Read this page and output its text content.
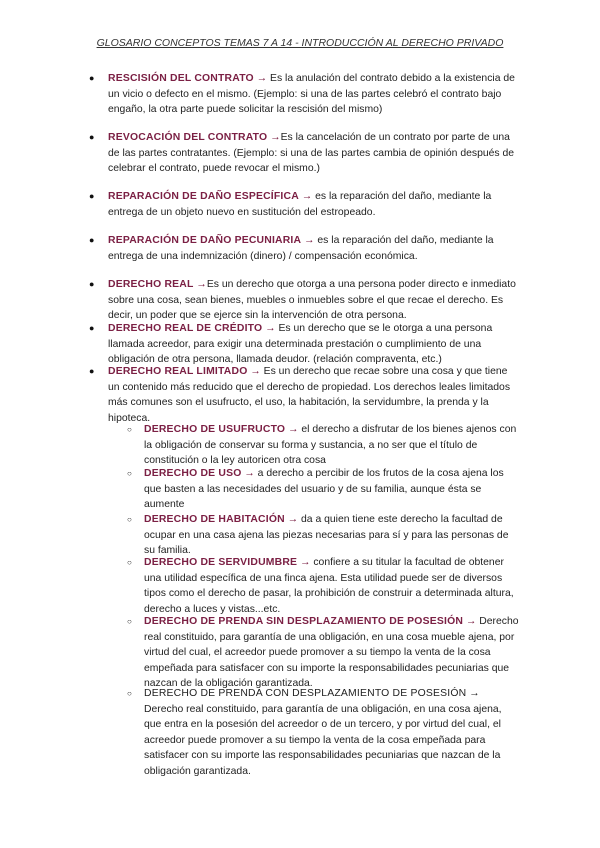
GLOSARIO CONCEPTOS TEMAS 7 A 14 - INTRODUCCIÓN AL DERECHO PRIVADO
● RESCISIÓN DEL CONTRATO → Es la anulación del contrato debido a la existencia de un vicio o defecto en el mismo. (Ejemplo: si una de las partes celebró el contrato bajo engaño, la otra parte puede solicitar la rescisión del mismo)
● REVOCACIÓN DEL CONTRATO →Es la cancelación de un contrato por parte de una de las partes contratantes. (Ejemplo: si una de las partes cambia de opinión después de celebrar el contrato, puede revocar el mismo.)
● REPARACIÓN DE DAÑO ESPECÍFICA → es la reparación del daño, mediante la entrega de un objeto nuevo en sustitución del estropeado.
● REPARACIÓN DE DAÑO PECUNIARIA → es la reparación del daño, mediante la entrega de una indemnización (dinero) / compensación económica.
● DERECHO REAL →Es un derecho que otorga a una persona poder directo e inmediato sobre una cosa, sean bienes, muebles o inmuebles sobre el que recae el derecho. Es decir, un poder que se ejerce sin la intervención de otra persona.
● DERECHO REAL DE CRÉDITO → Es un derecho que se le otorga a una persona llamada acreedor, para exigir una determinada prestación o cumplimiento de una obligación de otra persona, llamada deudor. (relación compraventa, etc.)
● DERECHO REAL LIMITADO → Es un derecho que recae sobre una cosa y que tiene un contenido más reducido que el derecho de propiedad. Los derechos leales limitados más comunes son el usufructo, el uso, la habitación, la servidumbre, la prenda y la hipoteca.
○ DERECHO DE USUFRUCTO → el derecho a disfrutar de los bienes ajenos con la obligación de conservar su forma y sustancia, a no ser que el título de constitución o la ley autoricen otra cosa
○ DERECHO DE USO → a derecho a percibir de los frutos de la cosa ajena los que basten a las necesidades del usuario y de su familia, aunque ésta se aumente
○ DERECHO DE HABITACIÓN → da a quien tiene este derecho la facultad de ocupar en una casa ajena las piezas necesarias para sí y para las personas de su familia.
○ DERECHO DE SERVIDUMBRE → confiere a su titular la facultad de obtener una utilidad específica de una finca ajena. Esta utilidad puede ser de diversos tipos como el derecho de pasar, la prohibición de construir a determinada altura, derecho a luces y vistas...etc.
○ DERECHO DE PRENDA SIN DESPLAZAMIENTO DE POSESIÓN → Derecho real constituido, para garantía de una obligación, en una cosa mueble ajena, por virtud del cual, el acreedor puede promover a su tiempo la venta de la cosa empeñada para satisfacer con su importe la responsabilidades pecuniarias que nazcan de la obligación garantizada.
○ DERECHO DE PRENDA CON DESPLAZAMIENTO DE POSESIÓN → Derecho real constituido, para garantía de una obligación, en una cosa ajena, que entra en la posesión del acreedor o de un tercero, y por virtud del cual, el acreedor puede promover a su tiempo la venta de la cosa empeñada para satisfacer con su importe las responsabilidades pecuniarias que nazcan de la obligación garantizada.
